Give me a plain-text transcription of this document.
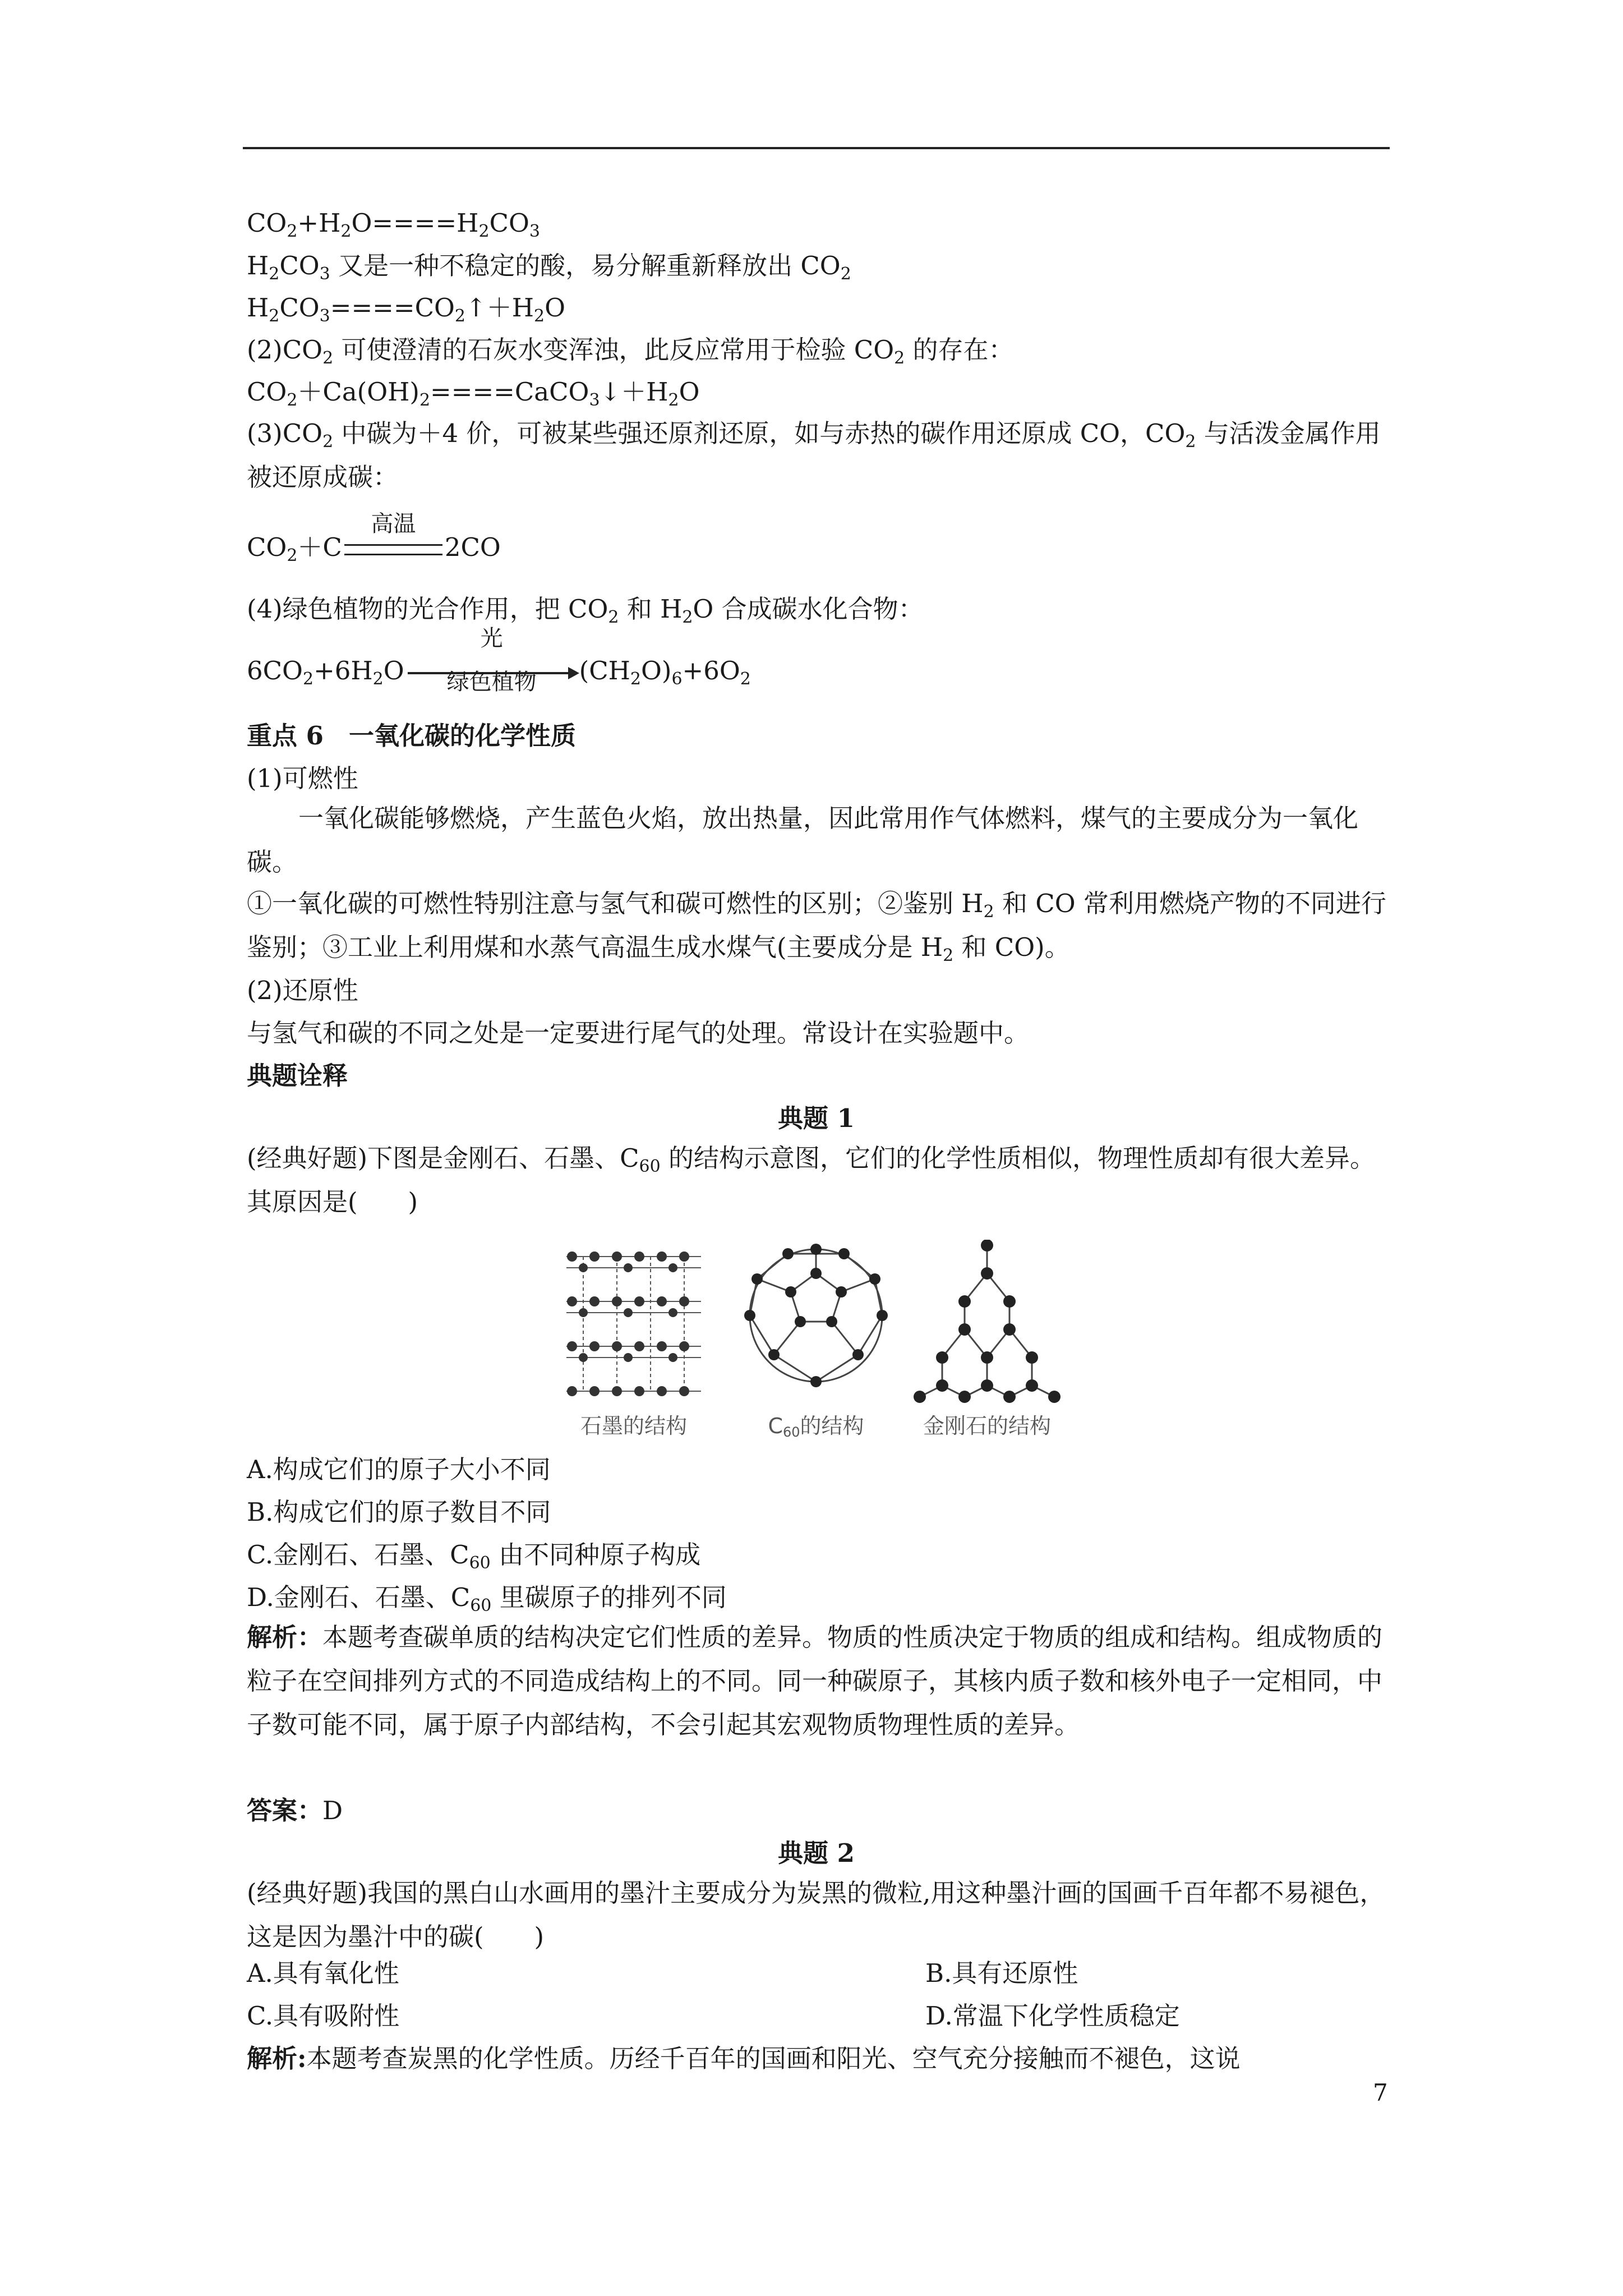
$CO_2+H_2O====H_2CO_3$
$H_2CO_3$ 又是一种不稳定的酸，易分解重新释放出 $CO_2$
$H_2CO_3====CO_2↑+H_2O$
$(2)CO_2$ 可使澄清的石灰水变浑浊，此反应常用于检验 $CO_2$ 的存在：
$CO_2+Ca(OH)_2====CaCO_3↓+H_2O$
$(3)CO_2$ 中碳为＋4 价，可被某些强还原剂还原，如与赤热的碳作用还原成 CO，$CO_2$ 与活泼金属作用被还原成碳：
$CO_2+C$
高温
2CO
(4)绿色植物的光合作用，把 $CO_2$ 和 $H_2O$ 合成碳水化合物：
$6CO_2+6H_2O$
光
绿色植物	$(CH_2O)_6+6O_2$
重点 6　一氧化碳的化学性质
(1)可燃性
一氧化碳能够燃烧，产生蓝色火焰，放出热量，因此常用作气体燃料，煤气的主要成分为一氧化碳。
①一氧化碳的可燃性特别注意与氢气和碳可燃性的区别；②鉴别 $H_2$ 和 CO 常利用燃烧产物的不同进行鉴别；③工业上利用煤和水蒸气高温生成水煤气(主要成分是 $H_2$ 和 CO)。
(2)还原性
与氢气和碳的不同之处是一定要进行尾气的处理。常设计在实验题中。
典题诠释
典题 1
(经典好题)下图是金刚石、石墨、$C_{60}$ 的结构示意图，它们的化学性质相似，物理性质却有很大差异。其原因是(　　)
石墨的结构	C60的结构	金刚石的结构
A.构成它们的原子大小不同
B.构成它们的原子数目不同
C.金刚石、石墨、$C_{60}$ 由不同种原子构成
D.金刚石、石墨、$C_{60}$ 里碳原子的排列不同
解析：本题考查碳单质的结构决定它们性质的差异。物质的性质决定于物质的组成和结构。组成物质的粒子在空间排列方式的不同造成结构上的不同。同一种碳原子，其核内质子数和核外电子一定相同，中子数可能不同，属于原子内部结构，不会引起其宏观物质物理性质的差异。
答案：D
典题 2
(经典好题)我国的黑白山水画用的墨汁主要成分为炭黑的微粒,用这种墨汁画的国画千百年都不易褪色，这是因为墨汁中的碳(　　)
A.具有氧化性	B.具有还原性
C.具有吸附性	D.常温下化学性质稳定
解析:本题考查炭黑的化学性质。历经千百年的国画和阳光、空气充分接触而不褪色，这说
7
